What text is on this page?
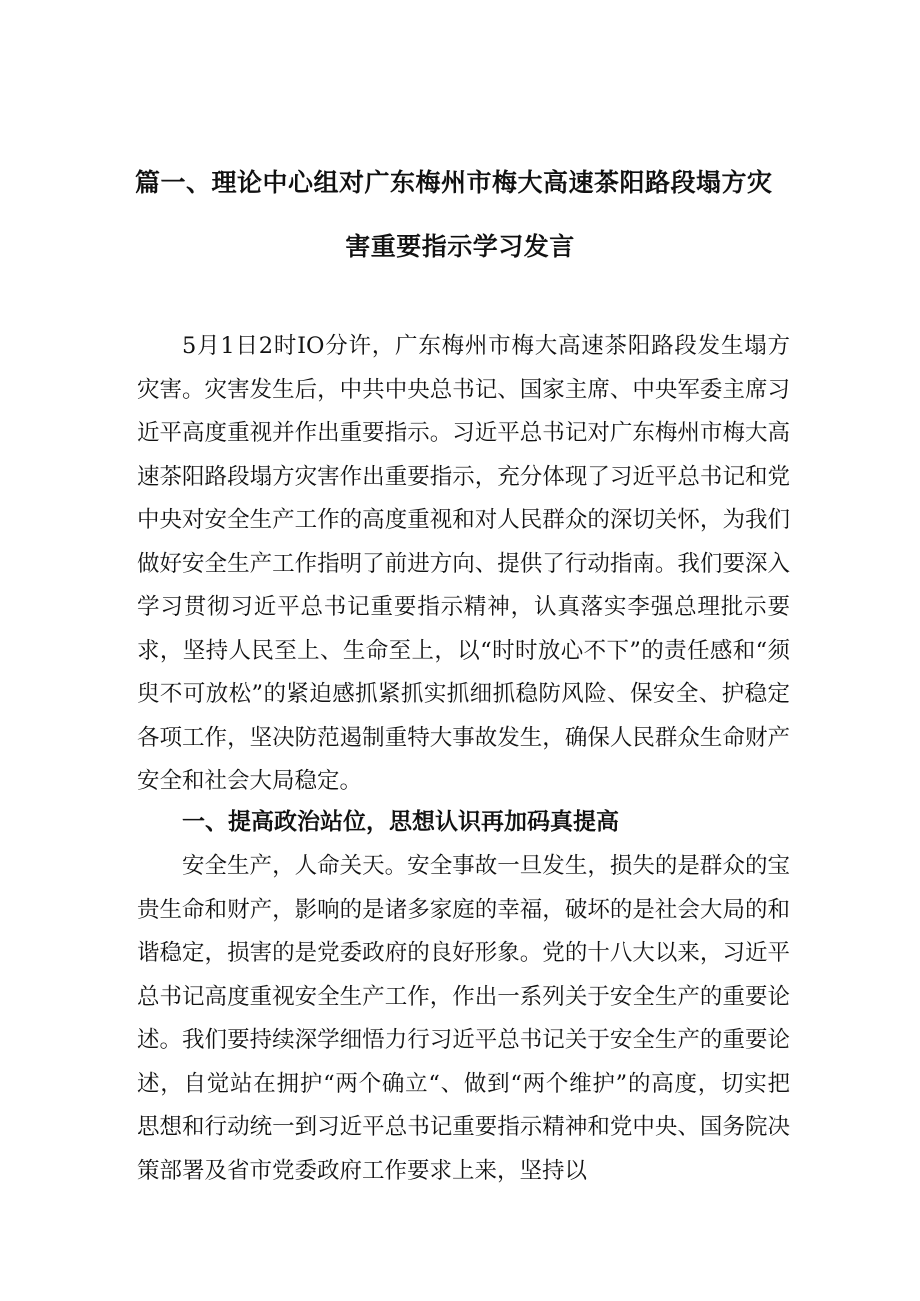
篇一、理论中心组对广东梅州市梅大高速茶阳路段塌方灾
害重要指示学习发言

5月1日2时IO分许，广东梅州市梅大高速茶阳路段发生塌方灾害。灾害发生后，中共中央总书记、国家主席、中央军委主席习近平高度重视并作出重要指示。习近平总书记对广东梅州市梅大高速茶阳路段塌方灾害作出重要指示，充分体现了习近平总书记和党中央对安全生产工作的高度重视和对人民群众的深切关怀，为我们做好安全生产工作指明了前进方向、提供了行动指南。我们要深入学习贯彻习近平总书记重要指示精神，认真落实李强总理批示要求，坚持人民至上、生命至上，以“时时放心不下”的责任感和“须臾不可放松”的紧迫感抓紧抓实抓细抓稳防风险、保安全、护稳定各项工作，坚决防范遏制重特大事故发生，确保人民群众生命财产安全和社会大局稳定。

一、提高政治站位，思想认识再加码真提高

安全生产，人命关天。安全事故一旦发生，损失的是群众的宝贵生命和财产，影响的是诸多家庭的幸福，破坏的是社会大局的和谐稳定，损害的是党委政府的良好形象。党的十八大以来，习近平总书记高度重视安全生产工作，作出一系列关于安全生产的重要论述。我们要持续深学细悟力行习近平总书记关于安全生产的重要论述，自觉站在拥护“两个确立“、做到“两个维护”的高度，切实把思想和行动统一到习近平总书记重要指示精神和党中央、国务院决策部署及省市党委政府工作要求上来，坚持以
